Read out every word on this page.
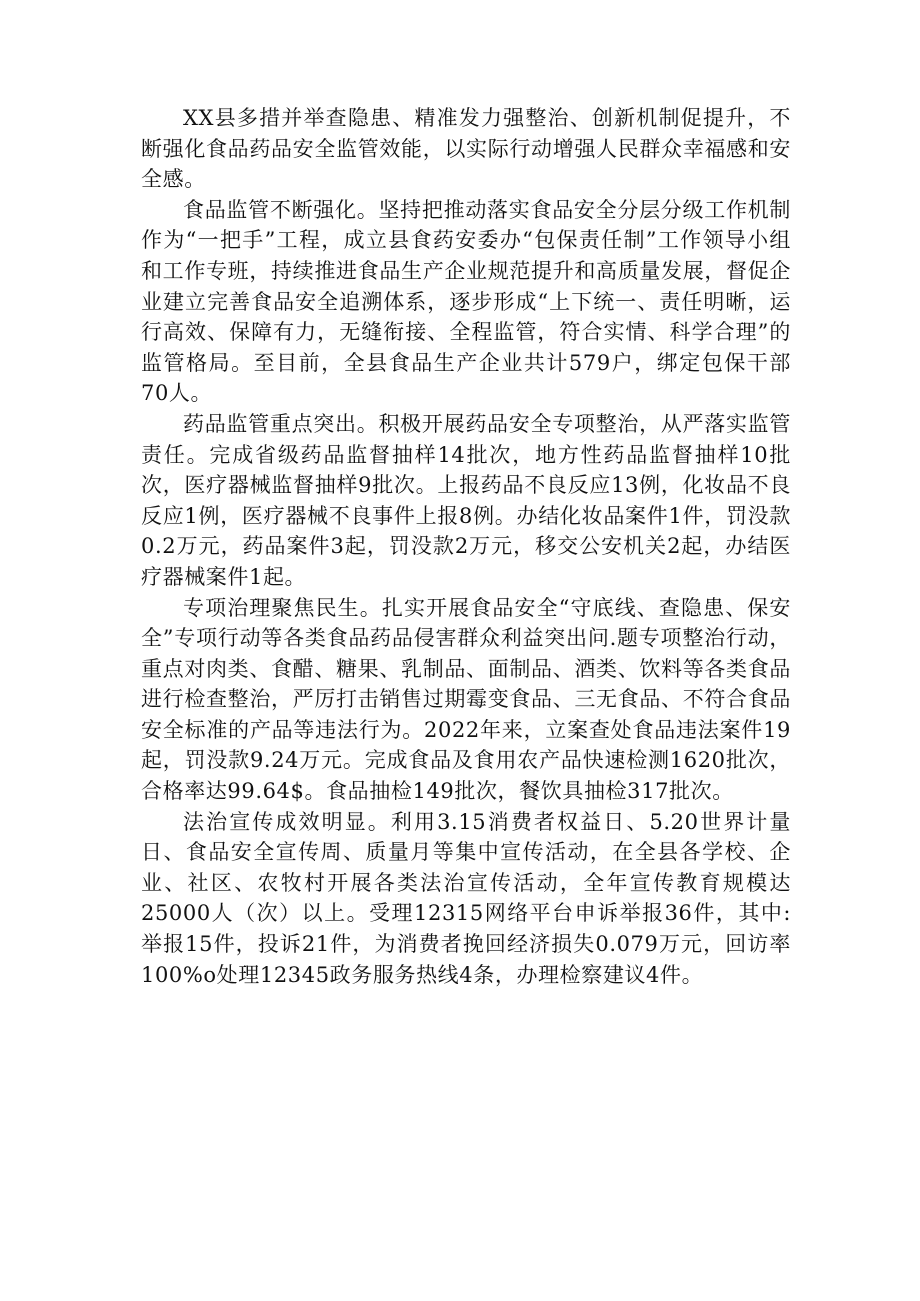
XX县多措并举查隐患、精准发力强整治、创新机制促提升，不断强化食品药品安全监管效能，以实际行动增强人民群众幸福感和安全感。

食品监管不断强化。坚持把推动落实食品安全分层分级工作机制作为“一把手”工程，成立县食药安委办“包保责任制”工作领导小组和工作专班，持续推进食品生产企业规范提升和高质量发展，督促企业建立完善食品安全追溯体系，逐步形成“上下统一、责任明晰，运行高效、保障有力，无缝衔接、全程监管，符合实情、科学合理”的监管格局。至目前，全县食品生产企业共计579户，绑定包保干部70人。

药品监管重点突出。积极开展药品安全专项整治，从严落实监管责任。完成省级药品监督抽样14批次，地方性药品监督抽样10批次，医疗器械监督抽样9批次。上报药品不良反应13例，化妆品不良反应1例，医疗器械不良事件上报8例。办结化妆品案件1件，罚没款0.2万元，药品案件3起，罚没款2万元，移交公安机关2起，办结医疗器械案件1起。

专项治理聚焦民生。扎实开展食品安全“守底线、查隐患、保安全”专项行动等各类食品药品侵害群众利益突出问.题专项整治行动，重点对肉类、食醋、糖果、乳制品、面制品、酒类、饮料等各类食品进行检查整治，严厉打击销售过期霉变食品、三无食品、不符合食品安全标准的产品等违法行为。2022年来，立案查处食品违法案件19起，罚没款9.24万元。完成食品及食用农产品快速检测1620批次，合格率达99.64$。食品抽检149批次，餐饮具抽检317批次。

法治宣传成效明显。利用3.15消费者权益日、5.20世界计量日、食品安全宣传周、质量月等集中宣传活动，在全县各学校、企业、社区、农牧村开展各类法治宣传活动，全年宣传教育规模达25000人（次）以上。受理12315网络平台申诉举报36件，其中:举报15件，投诉21件，为消费者挽回经济损失0.079万元，回访率100%o处理12345政务服务热线4条，办理检察建议4件。
